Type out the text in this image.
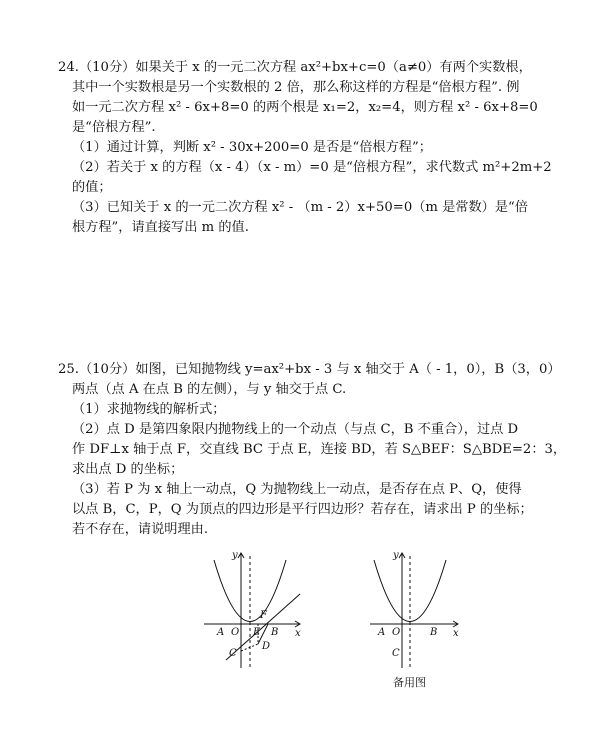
24.（10分）如果关于 x 的一元二次方程 ax²+bx+c=0（a≠0）有两个实数根，
其中一个实数根是另一个实数根的 2 倍，那么称这样的方程是“倍根方程”. 例
如一元二次方程 x² - 6x+8=0 的两个根是 x₁=2，x₂=4，则方程 x² - 6x+8=0
是“倍根方程”.
（1）通过计算，判断 x² - 30x+200=0 是否是“倍根方程”；
（2）若关于 x 的方程（x - 4）（x - m）=0 是“倍根方程”，求代数式 m²+2m+2
的值；
（3）已知关于 x 的一元二次方程 x² - （m - 2）x+50=0（m 是常数）是“倍
根方程”，请直接写出 m 的值.
25.（10分）如图，已知抛物线 y=ax²+bx - 3 与 x 轴交于 A（ - 1，0），B（3，0）
两点（点 A 在点 B 的左侧），与 y 轴交于点 C.
（1）求抛物线的解析式；
（2）点 D 是第四象限内抛物线上的一个动点（与点 C，B 不重合），过点 D
作 DF⊥x 轴于点 F，交直线 BC 于点 E，连接 BD，若 S△BEF：S△BDE=2：3，
求出点 D 的坐标；
（3）若 P 为 x 轴上一动点，Q 为抛物线上一动点，是否存在点 P、Q，使得
以点 B，C，P，Q 为顶点的四边形是平行四边形？若存在，请求出 P 的坐标；
若不存在，请说明理由.
y
x
A O E B
F
C
D
y
x
A O	B
C
备用图
